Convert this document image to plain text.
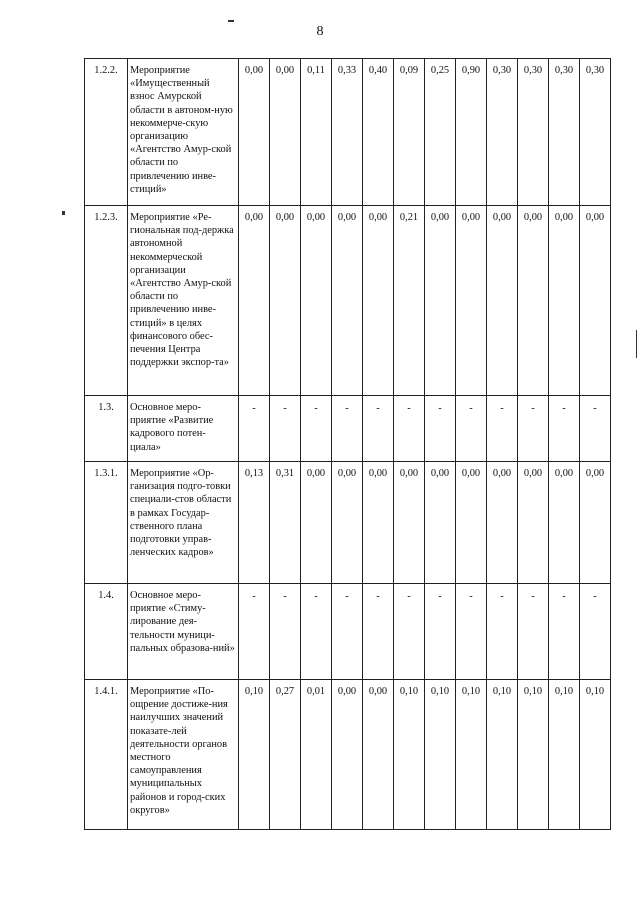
8
1.2.2.	Мероприятие «Имущественный взнос Амурской области в автоном-ную некоммерче-скую организацию «Агентство Амур-ской области по привлечению инве-стиций»	0,00	0,00	0,11	0,33	0,40	0,09	0,25	0,90	0,30	0,30	0,30	0,30
1.2.3.	Мероприятие «Ре-гиональная под-держка автономной некоммерческой организации «Агентство Амур-ской области по привлечению инве-стиций» в целях финансового обес-печения Центра поддержки экспор-та»	0,00	0,00	0,00	0,00	0,00	0,21	0,00	0,00	0,00	0,00	0,00	0,00
1.3.	Основное меро-приятие «Развитие кадрового потен-циала»	-	-	-	-	-	-	-	-	-	-	-	-
1.3.1.	Мероприятие «Ор-ганизация подго-товки специали-стов области в рамках Государ-ственного плана подготовки управ-ленческих кадров»	0,13	0,31	0,00	0,00	0,00	0,00	0,00	0,00	0,00	0,00	0,00	0,00
1.4.	Основное меро-приятие «Стиму-лирование дея-тельности муници-пальных образова-ний»	-	-	-	-	-	-	-	-	-	-	-	-
1.4.1.	Мероприятие «По-ощрение достиже-ния наилучших значений показате-лей деятельности органов местного самоуправления муниципальных районов и город-ских округов»	0,10	0,27	0,01	0,00	0,00	0,10	0,10	0,10	0,10	0,10	0,10	0,10
